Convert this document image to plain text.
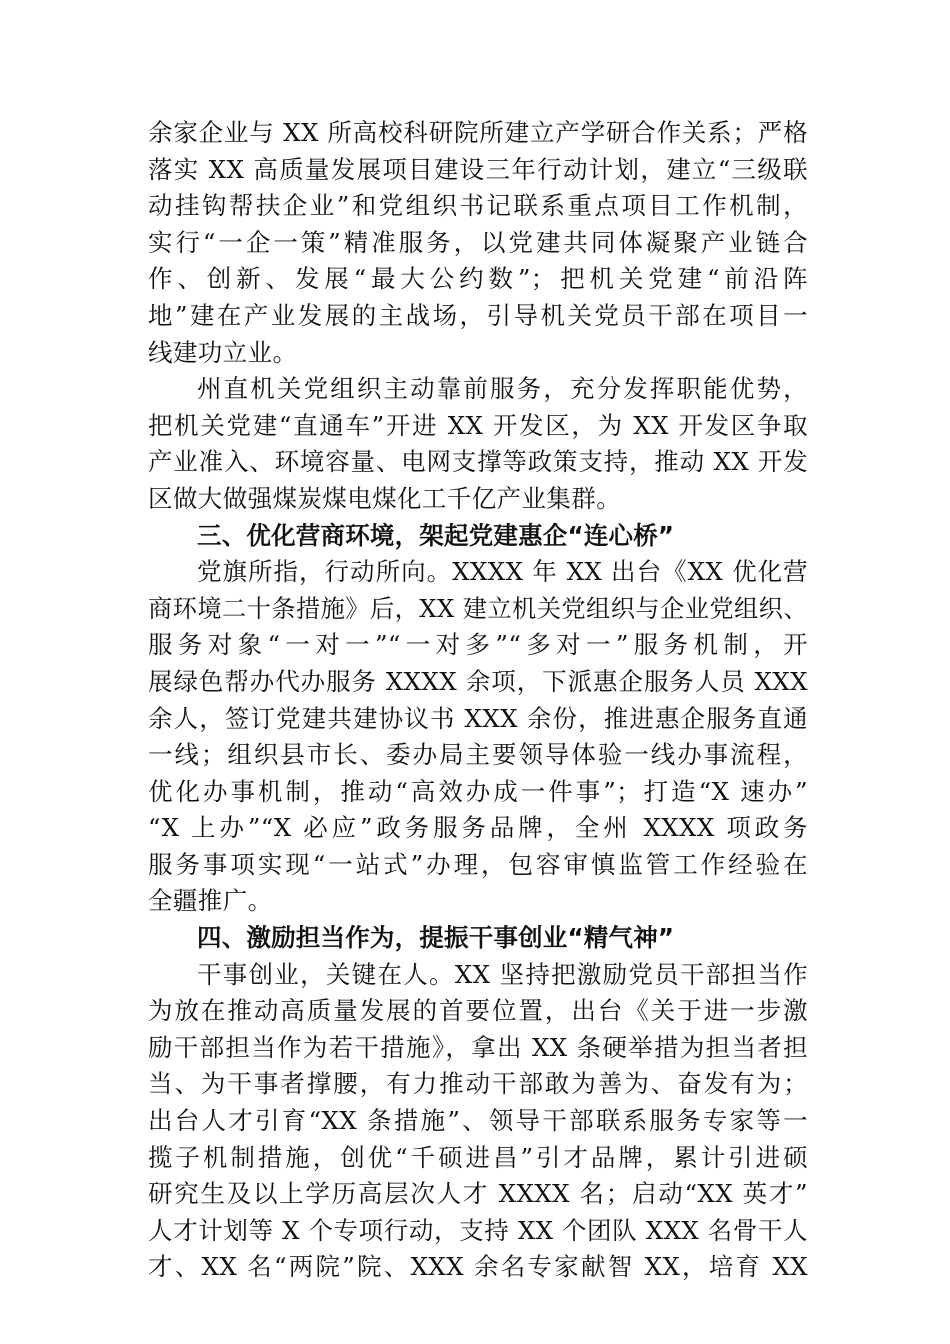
余家企业与 XX 所高校科研院所建立产学研合作关系；严格
落实 XX 高质量发展项目建设三年行动计划，建立“三级联
动挂钩帮扶企业”和党组织书记联系重点项目工作机制，
实行“一企一策”精准服务，以党建共同体凝聚产业链合
作、创新、发展“最大公约数”；把机关党建“前沿阵
地”建在产业发展的主战场，引导机关党员干部在项目一
线建功立业。
州直机关党组织主动靠前服务，充分发挥职能优势，
把机关党建“直通车”开进 XX 开发区，为 XX 开发区争取
产业准入、环境容量、电网支撑等政策支持，推动 XX 开发
区做大做强煤炭煤电煤化工千亿产业集群。
三、优化营商环境，架起党建惠企“连心桥”
党旗所指，行动所向。XXXX 年 XX 出台《XX 优化营
商环境二十条措施》后，XX 建立机关党组织与企业党组织、
服务对象“一对一”“一对多”“多对一”服务机制，开
展绿色帮办代办服务 XXXX 余项，下派惠企服务人员 XXX
余人，签订党建共建协议书 XXX 余份，推进惠企服务直通
一线；组织县市长、委办局主要领导体验一线办事流程，
优化办事机制，推动“高效办成一件事”；打造“X 速办”
“X 上办”“X 必应”政务服务品牌，全州 XXXX 项政务
服务事项实现“一站式”办理，包容审慎监管工作经验在
全疆推广。
四、激励担当作为，提振干事创业“精气神”
干事创业，关键在人。XX 坚持把激励党员干部担当作
为放在推动高质量发展的首要位置，出台《关于进一步激
励干部担当作为若干措施》，拿出 XX 条硬举措为担当者担
当、为干事者撑腰，有力推动干部敢为善为、奋发有为；
出台人才引育“XX 条措施”、领导干部联系服务专家等一
揽子机制措施，创优“千硕进昌”引才品牌，累计引进硕
研究生及以上学历高层次人才 XXXX 名；启动“XX 英才”
人才计划等 X 个专项行动，支持 XX 个团队 XXX 名骨干人
才、XX 名“两院”院、XXX 余名专家献智 XX，培育 XX
